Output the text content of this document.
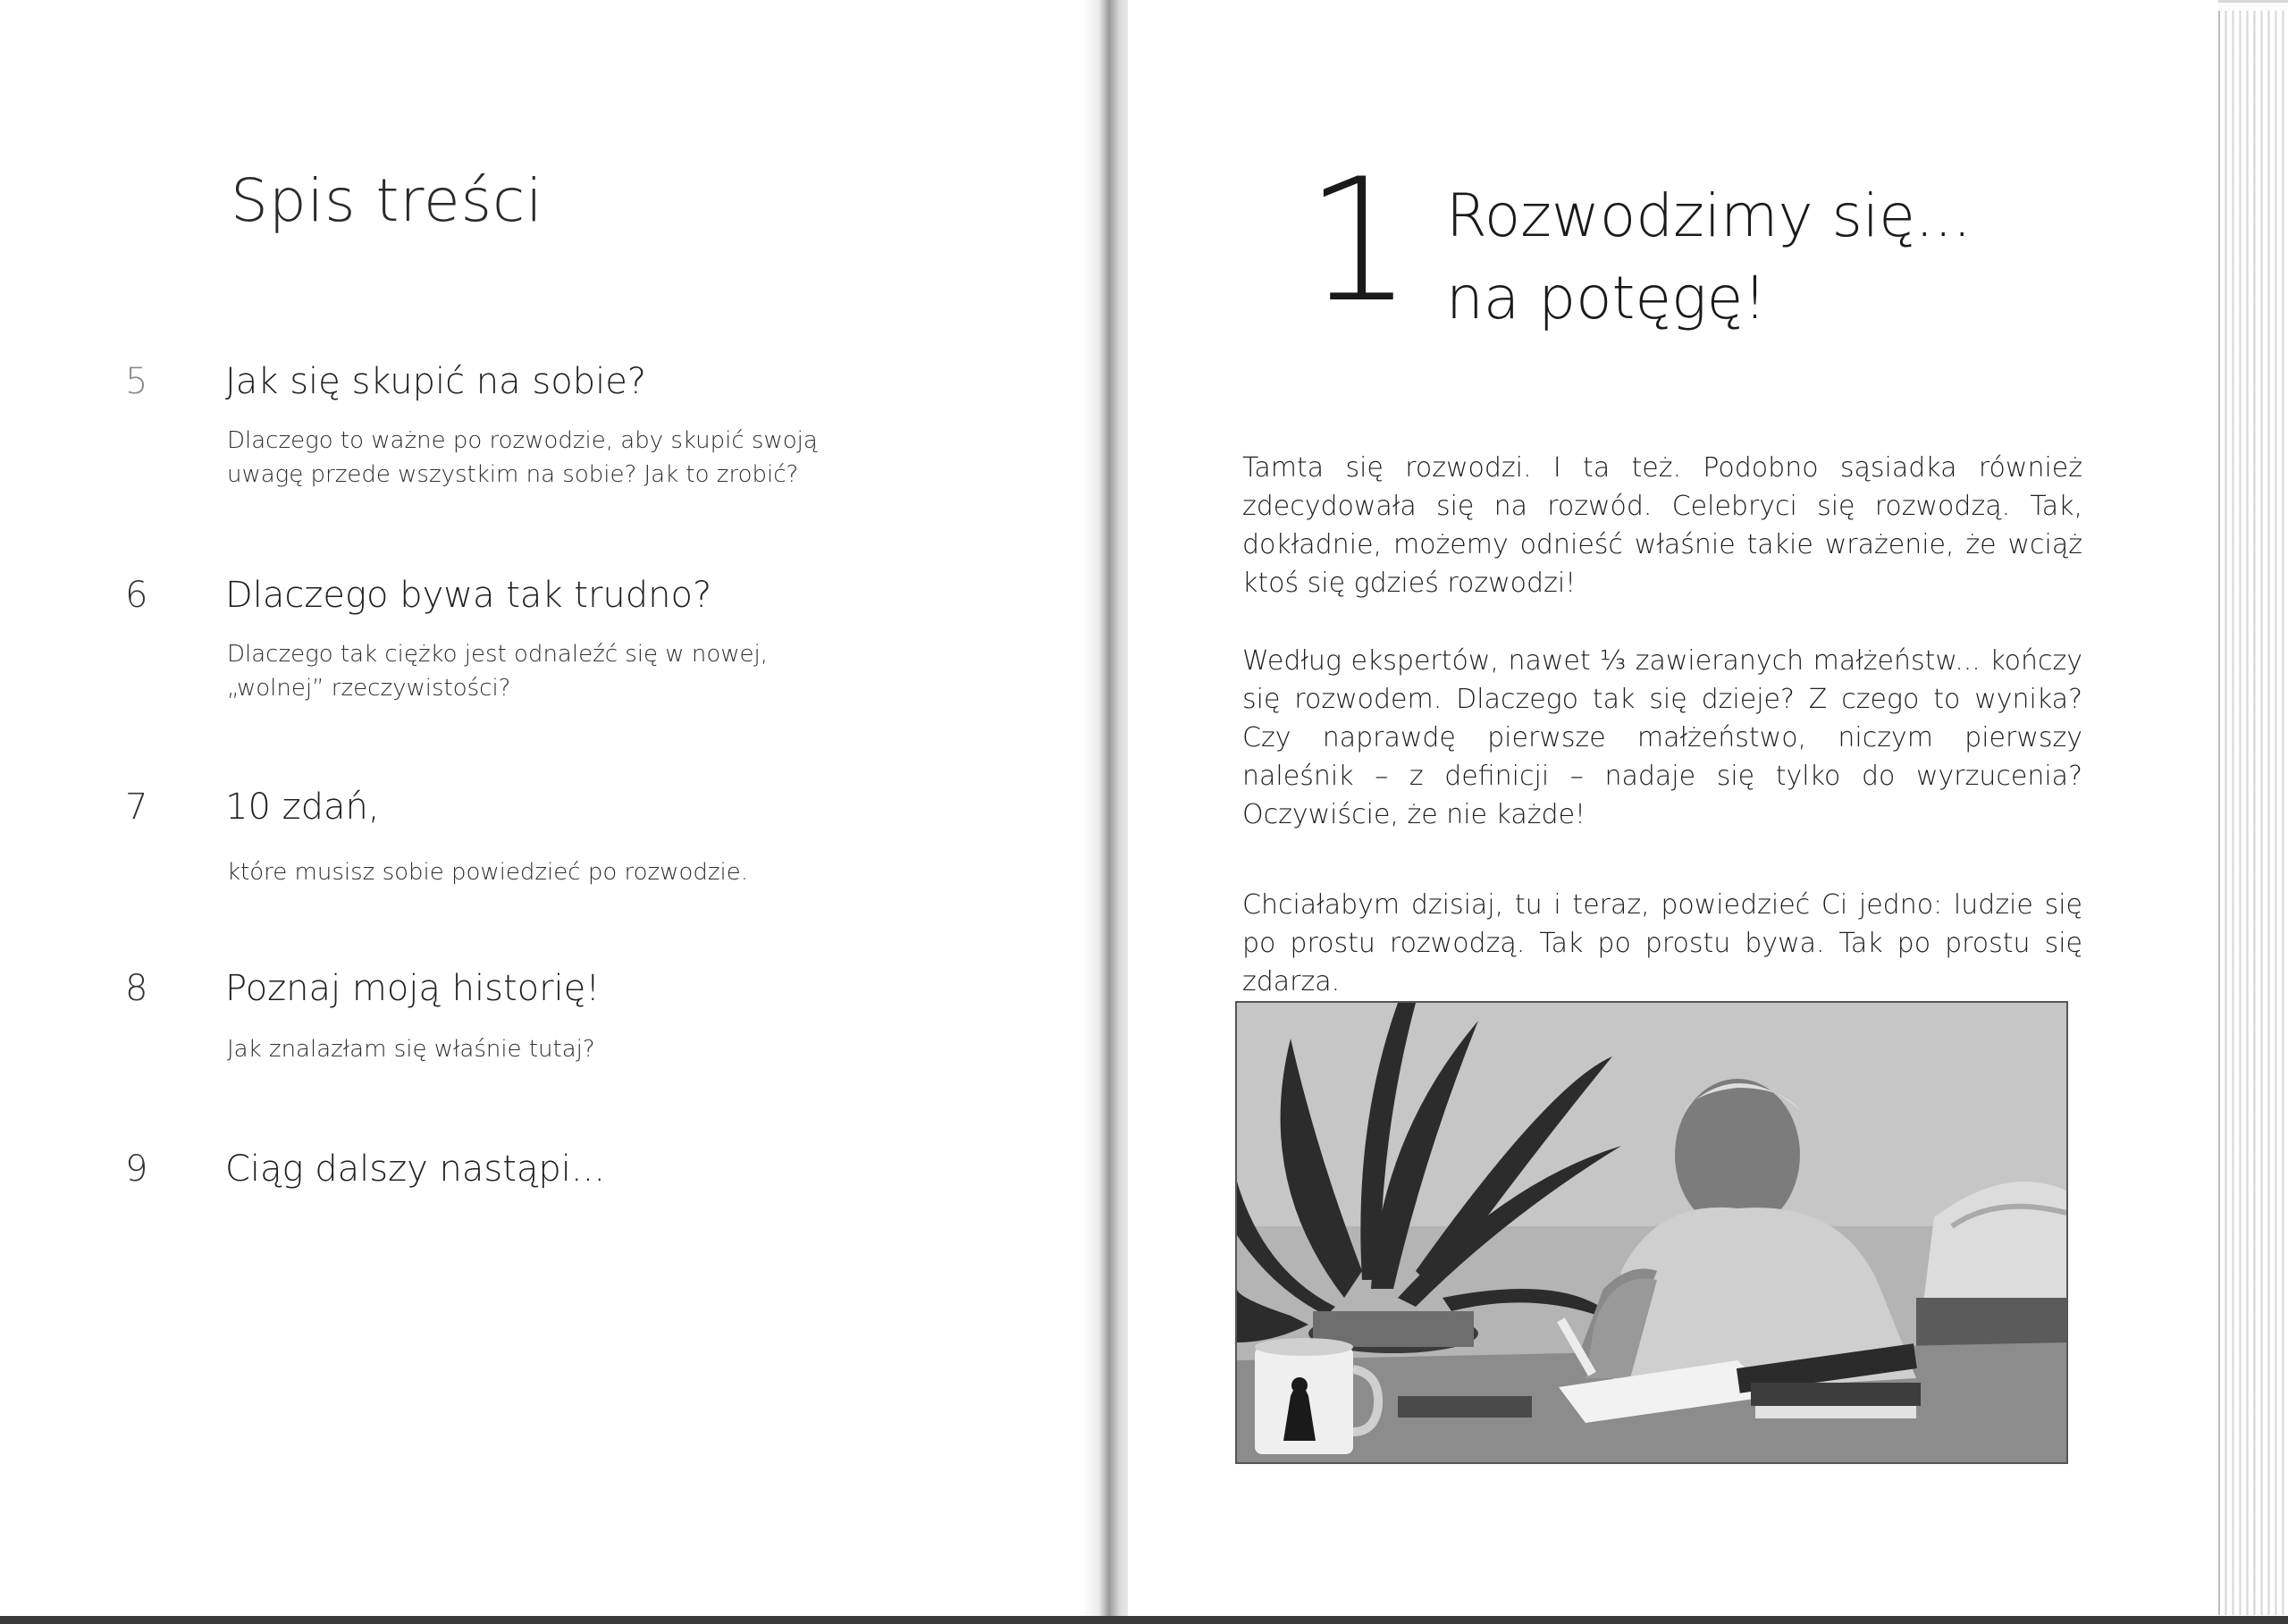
Spis treści
5	Jak się skupić na sobie?

Dlaczego to ważne po rozwodzie, aby skupić swoją uwagę przede wszystkim na sobie? Jak to zrobić?

6	Dlaczego bywa tak trudno?

Dlaczego tak ciężko jest odnaleźć się w nowej, „wolnej” rzeczywistości?

7	10 zdań,

które musisz sobie powiedzieć po rozwodzie.

8	Poznaj moją historię!

Jak znalazłam się właśnie tutaj?

9	Ciąg dalszy nastąpi...
1 Rozwodzimy się...
na potęgę!

Tamta się rozwodzi. I ta też. Podobno sąsiadka również zdecydowała się na rozwód. Celebryci się rozwodzą. Tak, dokładnie, możemy odnieść właśnie takie wrażenie, że wciąż ktoś się gdzieś rozwodzi!

Według ekspertów, nawet ⅓ zawieranych małżeństw... kończy się rozwodem. Dlaczego tak się dzieje? Z czego to wynika? Czy naprawdę pierwsze małżeństwo, niczym pierwszy naleśnik – z definicji – nadaje się tylko do wyrzucenia? Oczywiście, że nie każde!

Chciałabym dzisiaj, tu i teraz, powiedzieć Ci jedno: ludzie się po prostu rozwodzą. Tak po prostu bywa. Tak po prostu się zdarza.
